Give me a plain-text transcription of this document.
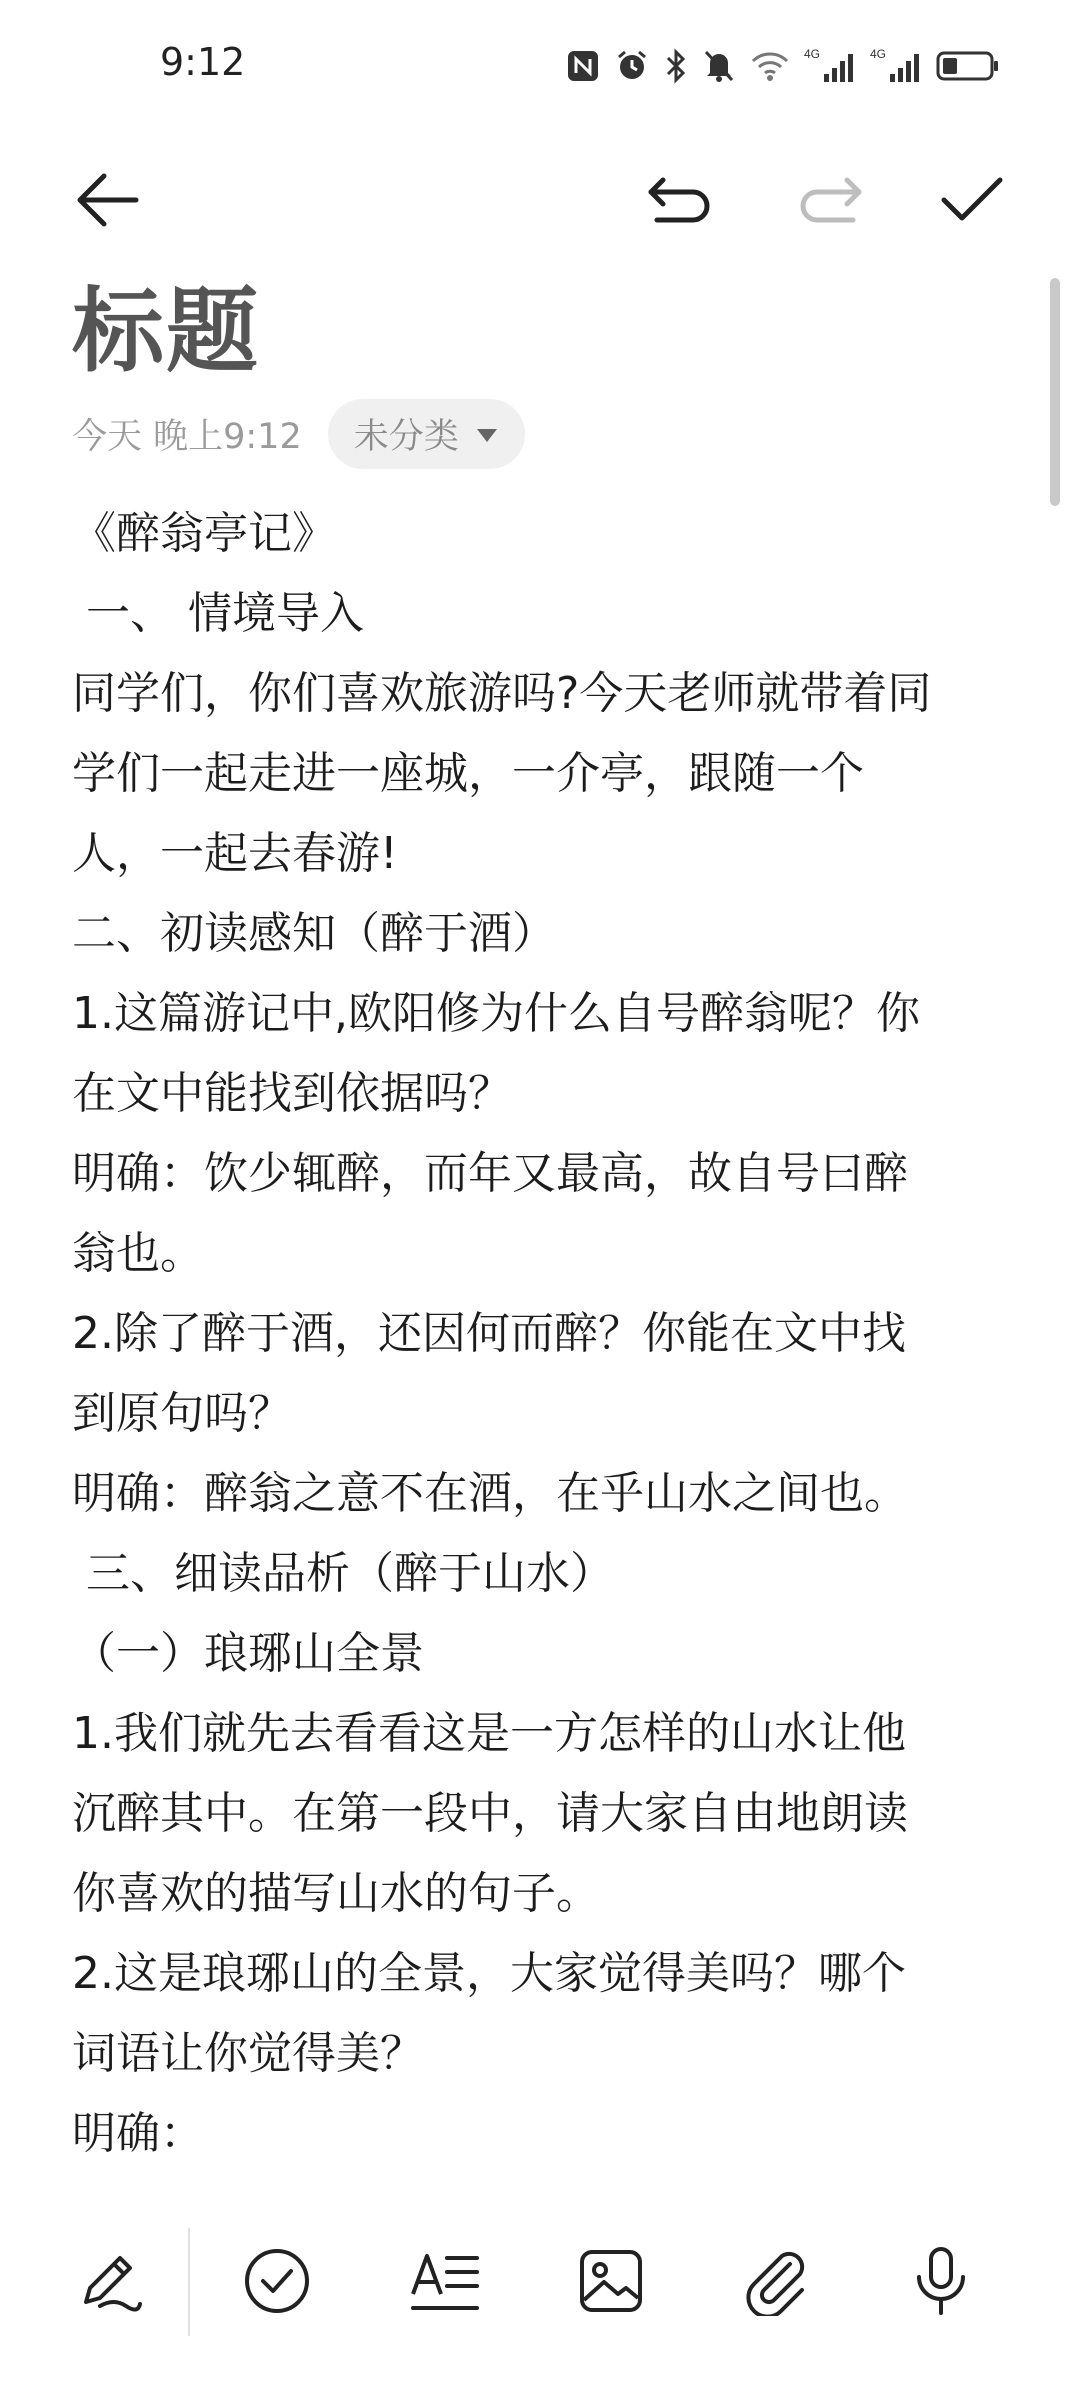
9:12	4G	4G
标题
今天 晚上9:12 未分类
《醉翁亭记》
一、 情境导入
同学们，你们喜欢旅游吗?今天老师就带着同
学们一起走进一座城，一介亭，跟随一个
人，一起去春游!
二、初读感知（醉于酒）
1.这篇游记中,欧阳修为什么自号醉翁呢？你
在文中能找到依据吗？
明确：饮少辄醉，而年又最高，故自号曰醉
翁也。
2.除了醉于酒，还因何而醉？你能在文中找
到原句吗？
明确：醉翁之意不在酒，在乎山水之间也。
三、细读品析（醉于山水）
（一）琅琊山全景
1.我们就先去看看这是一方怎样的山水让他
沉醉其中。在第一段中，请大家自由地朗读
你喜欢的描写山水的句子。
2.这是琅琊山的全景，大家觉得美吗？哪个
词语让你觉得美？
明确：
